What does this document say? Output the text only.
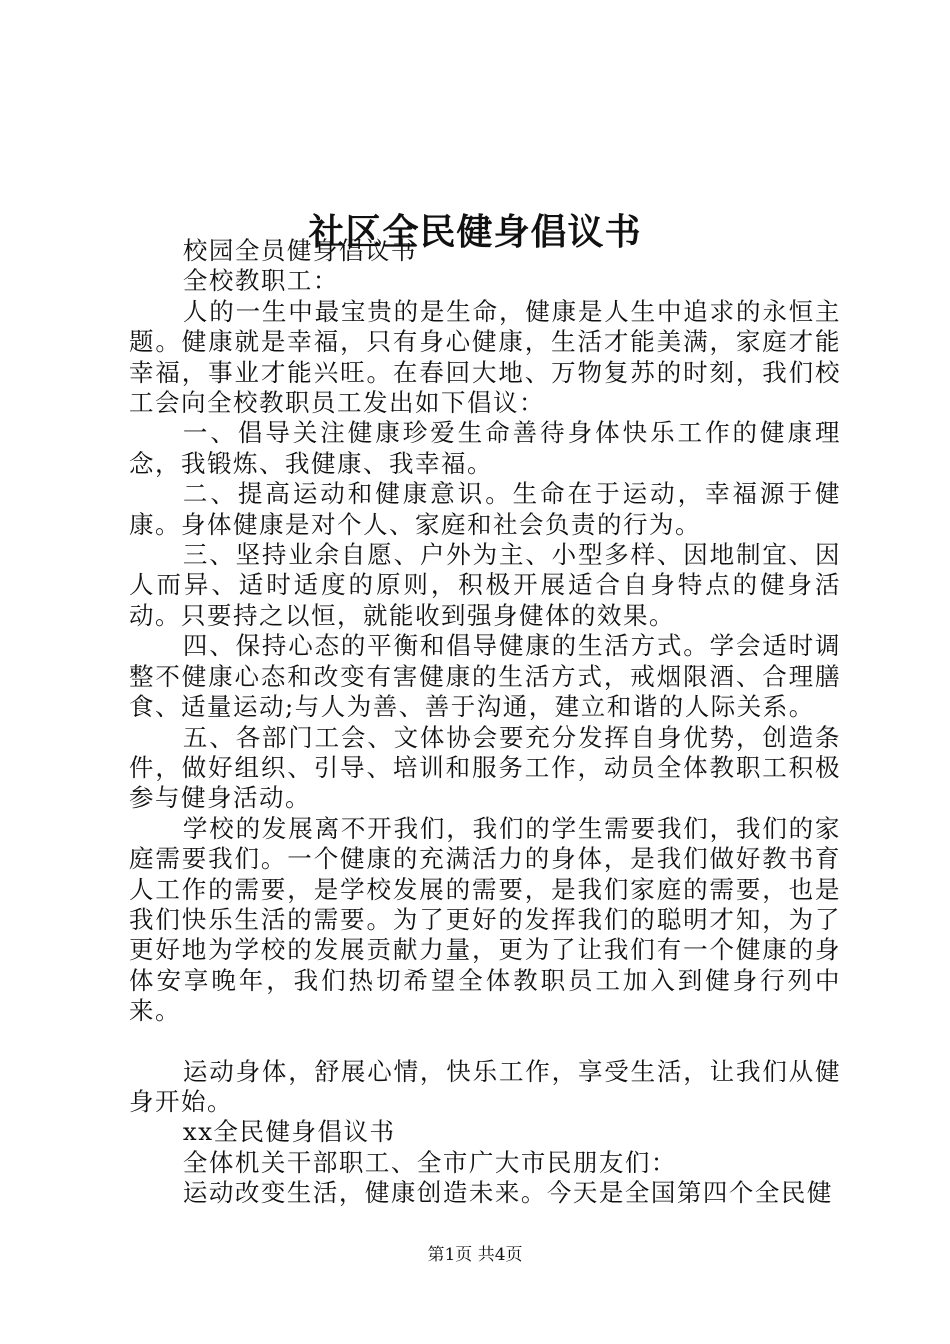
社区全民健身倡议书

校园全员健身倡议书

全校教职工：

人的一生中最宝贵的是生命，健康是人生中追求的永恒主题。健康就是幸福，只有身心健康，生活才能美满，家庭才能幸福，事业才能兴旺。在春回大地、万物复苏的时刻，我们校工会向全校教职员工发出如下倡议：

一、倡导关注健康珍爱生命善待身体快乐工作的健康理念，我锻炼、我健康、我幸福。

二、提高运动和健康意识。生命在于运动，幸福源于健康。身体健康是对个人、家庭和社会负责的行为。

三、坚持业余自愿、户外为主、小型多样、因地制宜、因人而异、适时适度的原则，积极开展适合自身特点的健身活动。只要持之以恒，就能收到强身健体的效果。

四、保持心态的平衡和倡导健康的生活方式。学会适时调整不健康心态和改变有害健康的生活方式，戒烟限酒、合理膳食、适量运动;与人为善、善于沟通，建立和谐的人际关系。

五、各部门工会、文体协会要充分发挥自身优势，创造条件，做好组织、引导、培训和服务工作，动员全体教职工积极参与健身活动。

学校的发展离不开我们，我们的学生需要我们，我们的家庭需要我们。一个健康的充满活力的身体，是我们做好教书育人工作的需要，是学校发展的需要，是我们家庭的需要，也是我们快乐生活的需要。为了更好的发挥我们的聪明才知，为了更好地为学校的发展贡献力量，更为了让我们有一个健康的身体安享晚年，我们热切希望全体教职员工加入到健身行列中来。

运动身体，舒展心情，快乐工作，享受生活，让我们从健身开始。

xx全民健身倡议书

全体机关干部职工、全市广大市民朋友们：

运动改变生活，健康创造未来。今天是全国第四个全民健

第1页 共4页
